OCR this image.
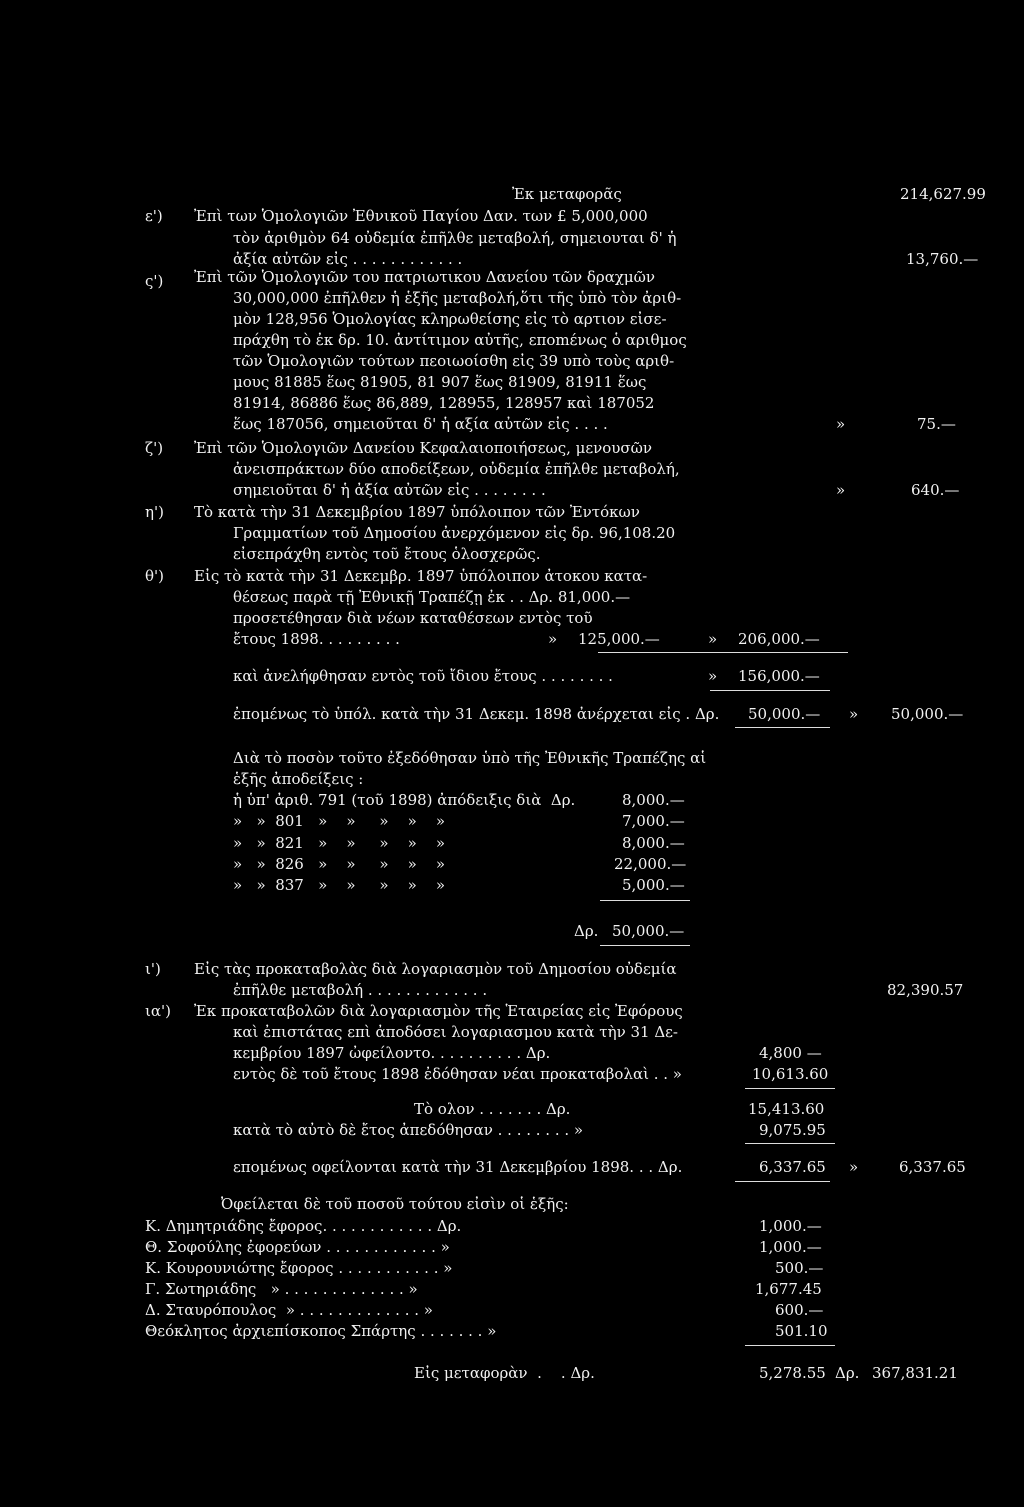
Ἐκ μεταφορᾶς	214,627.99
ε') Ἐπὶ των Ὁμολογιῶν Ἐθνικοῦ Παγίου Δαν. των £ 5,000,000
τὸν ἀριθμὸν 64 οὐδεμία ἐπῆλθε μεταβολή, σημειουται δ' ἡ
ἀξία αὐτῶν εἰς . . . . . . . . . . . .	13,760.—
ς') Ἐπὶ τῶν Ὁμολογιῶν του πατριωτικου Δανείου τῶν δραχμῶν
30,000,000 ἐπῆλθεν ἡ ἑξῆς μεταβολή,ὅτι τῆς ὑπὸ τὸν ἀριθ-
μὸν 128,956 Ὁμολογίας κληρωθείσης εἰς τὸ αρτιον εἰσε-
πράχθη τὸ ἐκ δρ. 10. ἀντίτιμον αὐτῆς, εποmένως ὁ αριθμος
τῶν Ὁμολογιῶν τούτων πεοιωοίσθη εἰς 39 υπὸ τοὺς αριθ-
μους 81885 ἕως 81905, 81 907 ἕως 81909, 81911 ἕως
81914, 86886 ἕως 86,889, 128955, 128957 καὶ 187052
ἕως 187056, σημειοῦται δ' ἡ αξία αὐτῶν εἰς . . . .	»	75.—
ζ') Ἐπὶ τῶν Ὁμολογιῶν Δανείου Κεφαλαιοποιήσεως, μενουσῶν
ἀνεισπράκτων δύο αποδείξεων, οὐδεμία ἐπῆλθε μεταβολή,
σημειοῦται δ' ἡ ἀξία αὐτῶν εἰς . . . . . . . .	»	640.—
η') Τὸ κατὰ τὴν 31 Δεκεμβρίου 1897 ὑπόλοιπον τῶν Ἐντόκων
Γραμματίων τοῦ Δημοσίου ἀνερχόμενον εἰς δρ. 96,108.20
εἰσεπράχθη εντὸς τοῦ ἔτους ὁλοσχερῶς.
θ') Εἰς τὸ κατὰ τὴν 31 Δεκεμβρ. 1897 ὑπόλοιπον ἀτοκου κατα-
θέσεως παρὰ τῇ Ἐθνικῇ Τραπέζῃ ἐκ . . Δρ. 81,000.—
προσετέθησαν διὰ νέων καταθέσεων εντὸς τοῦ
ἔτους 1898. . . . . . . . .	» 125,000.—	» 206,000.—
καὶ ἀνελήφθησαν εντὸς τοῦ ἴδιου ἔτους . . . . . . . .	» 156,000.—
ἐπομένως τὸ ὑπόλ. κατὰ τὴν 31 Δεκεμ. 1898 ἀνέρχεται εἰς . Δρ. 50,000.— » 50,000.—
Διὰ τὸ ποσὸν τοῦτο ἐξεδόθησαν ὑπὸ τῆς Ἐθνικῆς Τραπέζης αἱ
ἑξῆς ἀποδείξεις :
ἡ ὑπ' ἀριθ. 791 (τοῦ 1898) ἀπόδειξις διὰ  Δρ.	8,000.—
»   »  801   »    »     »    »    »	7,000.—
»   »  821   »    »     »    »    »	8,000.—
»   »  826   »    »     »    »    »	22,000.—
»   »  837   »    »     »    »    »	5,000.—
Δρ. 50,000.—
ι') Εἰς τὰς προκαταβολὰς διὰ λογαριασμὸν τοῦ Δημοσίου οὐδεμία
ἐπῆλθε μεταβολή . . . . . . . . . . . . .	82,390.57
ια') Ἐκ προκαταβολῶν διὰ λογαριασμὸν τῆς Ἑταιρείας εἰς Ἐφόρους
καὶ ἐπιστάτας επὶ ἀποδόσει λογαριασμου κατὰ τὴν 31 Δε-
κεμβρίου 1897 ὠφείλοντο. . . . . . . . . . Δρ.	4,800 —
εντὸς δὲ τοῦ ἔτους 1898 ἐδόθησαν νέαι προκαταβολαὶ . . »	10,613.60
Τὸ ολον . . . . . . . Δρ.	15,413.60
κατὰ τὸ αὐτὸ δὲ ἔτος ἀπεδόθησαν . . . . . . . . »	9,075.95
επομένως οφείλονται κατὰ τὴν 31 Δεκεμβρίου 1898. . . Δρ.	6,337.65 »	6,337.65
Ὀφείλεται δὲ τοῦ ποσοῦ τούτου εἰσὶν οἱ ἑξῆς:
Κ. Δημητριάδης ἔφορος. . . . . . . . . . . . Δρ.	1,000.—
Θ. Σοφούλης ἐφορεύων . . . . . . . . . . . . »	1,000.—
Κ. Κουρουνιώτης ἔφορος . . . . . . . . . . . »	500.—
Γ. Σωτηριάδης   » . . . . . . . . . . . . . »	1,677.45
Δ. Σταυρόπουλος  » . . . . . . . . . . . . . »	600.—
Θεόκλητος ἀρχιεπίσκοπος Σπάρτης . . . . . . . »	501.10
Εἰς μεταφορὰν  .    . Δρ.	5,278.55 Δρ. 367,831.21
